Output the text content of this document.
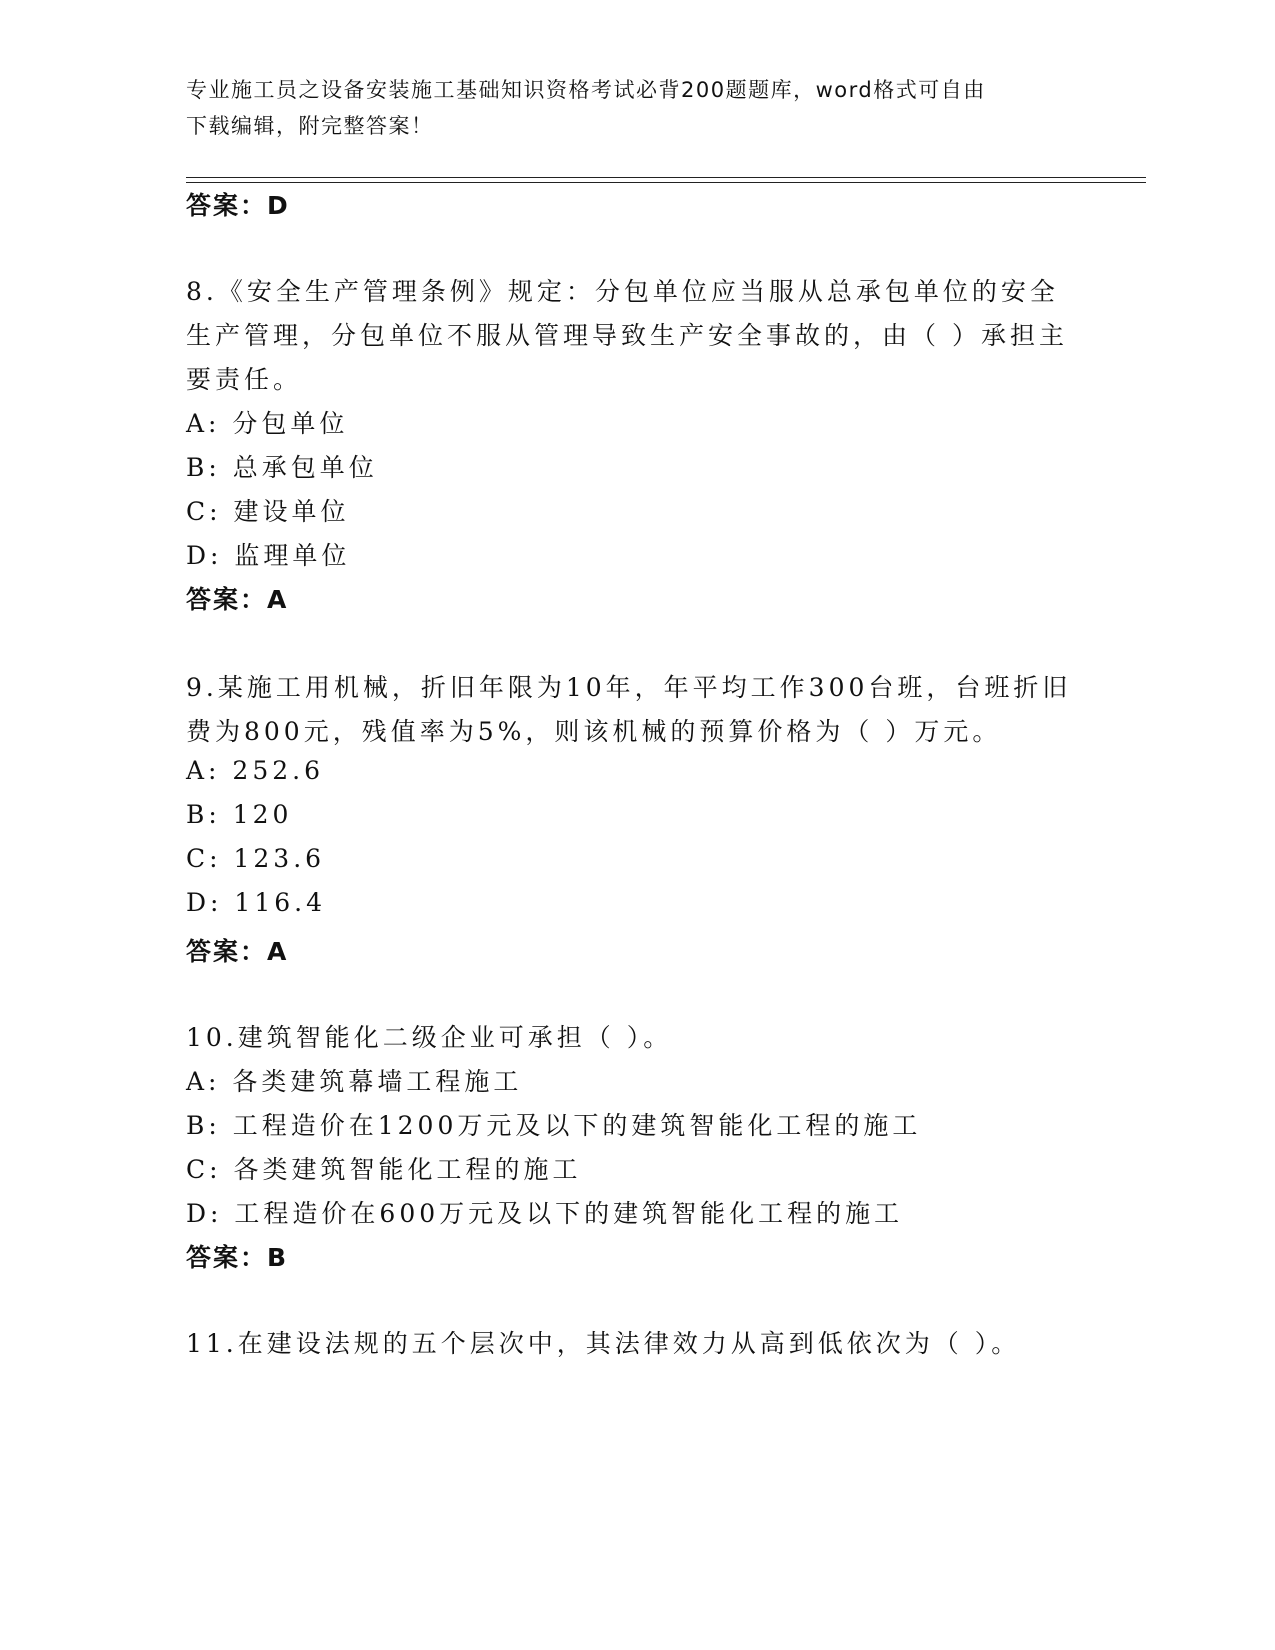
专业施工员之设备安装施工基础知识资格考试必背200题题库，word格式可自由
下载编辑，附完整答案！
答案：D
8.《安全生产管理条例》规定：分包单位应当服从总承包单位的安全
生产管理，分包单位不服从管理导致生产安全事故的，由（ ）承担主
要责任。
A: 分包单位
B: 总承包单位
C: 建设单位
D: 监理单位
答案：A
9.某施工用机械，折旧年限为10年，年平均工作300台班，台班折旧
费为800元，残值率为5%，则该机械的预算价格为（ ）万元。
A: 252.6
B: 120
C: 123.6
D: 116.4
答案：A
10.建筑智能化二级企业可承担（ ）。
A: 各类建筑幕墙工程施工
B: 工程造价在1200万元及以下的建筑智能化工程的施工
C: 各类建筑智能化工程的施工
D: 工程造价在600万元及以下的建筑智能化工程的施工
答案：B
11.在建设法规的五个层次中，其法律效力从高到低依次为（ ）。
